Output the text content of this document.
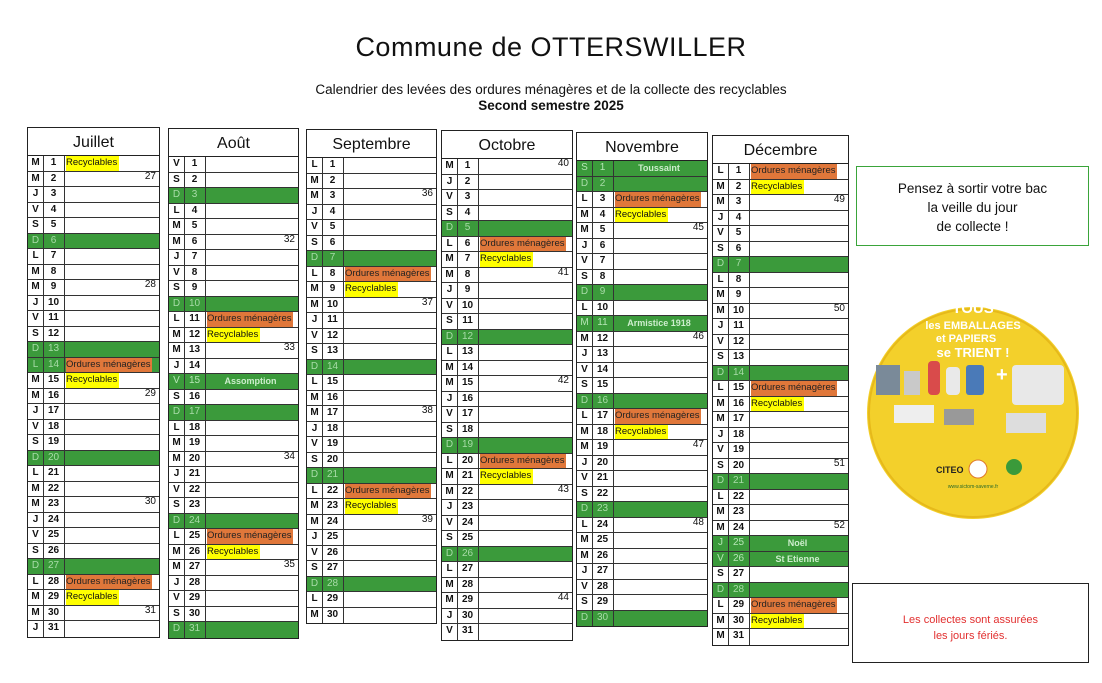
Commune de OTTERSWILLER
Calendrier des levées des ordures ménagères et de la collecte des recyclables
Second semestre 2025
Juillet
M	1	Recyclables
M	2	27
J	3
V	4
S	5
D	6
L	7
M	8
M	9	28
J 10
V 11
S 12
D 13
L 14 Ordures ménagères
M 15 Recyclables
M 16	29
J 17
V 18
S 19
D 20
L 21
M 22
M 23	30
J 24
V 25
S 26
D 27
L 28 Ordures ménagères
M 29 Recyclables
M 30	31
J 31
Août
V	1
S	2
D	3
L	4
M	5
M	6	32
J	7
V	8
S	9
D 10
L 11 Ordures ménagères
M 12 Recyclables
M 13	33
J 14
V 15	Assomption
S 16
D 17
L 18
M 19
M 20	34
J 21
V 22
S 23
D 24
L 25 Ordures ménagères
M 26 Recyclables
M 27	35
J 28
V 29
S 30
D 31
Septembre
L	1
M	2
M	3	36
J	4
V	5
S	6
D	7
L	8	Ordures ménagères
M	9	Recyclables
M 10	37
J 11
V 12
S 13
D 14
L 15
M 16
M 17	38
J 18
V 19
S 20
D 21
L 22 Ordures ménagères
M 23 Recyclables
M 24	39
J 25
V 26
S 27
D 28
L 29
M 30
Octobre
M	1	40
J	2
V	3
S	4
D	5
L	6	Ordures ménagères
M	7	Recyclables
M	8	41
J	9
V 10
S 11
D 12
L 13
M 14
M 15	42
J 16
V 17
S 18
D 19
L 20 Ordures ménagères
M 21 Recyclables
M 22	43
J 23
V 24
S 25
D 26
L 27
M 28
M 29	44
J 30
V 31
Novembre
S	1	Toussaint
D	2
L	3	Ordures ménagères
M	4	Recyclables
M	5	45
J	6
V	7
S	8
D	9
L 10
M 11	Armistice 1918
M 12	46
J 13
V 14
S 15
D 16
L 17 Ordures ménagères
M 18 Recyclables
M 19	47
J 20
V 21
S 22
D 23
L 24	48
M 25
M 26
J 27
V 28
S 29
D 30
Décembre
L	1	Ordures ménagères
M	2	Recyclables
M	3	49
J	4
V	5
S	6
D	7
L	8
M	9
M 10	50
J 11
V 12
S 13
D 14
L 15 Ordures ménagères
M 16 Recyclables
M 17
J 18
V 19
S 20	51
D 21
L 22
M 23
M 24	52
J 25	Noël
V 26	St Etienne
S 27
D 28
L 29 Ordures ménagères
M 30 Recyclables
M 31
Pensez à sortir votre bac
la veille du jour
de collecte !
TOUS
les EMBALLAGES
et PAPIERS
se TRIENT !
+
CITEO
www.sictom-saverne.fr
Les collectes sont assurées
les jours fériés.
